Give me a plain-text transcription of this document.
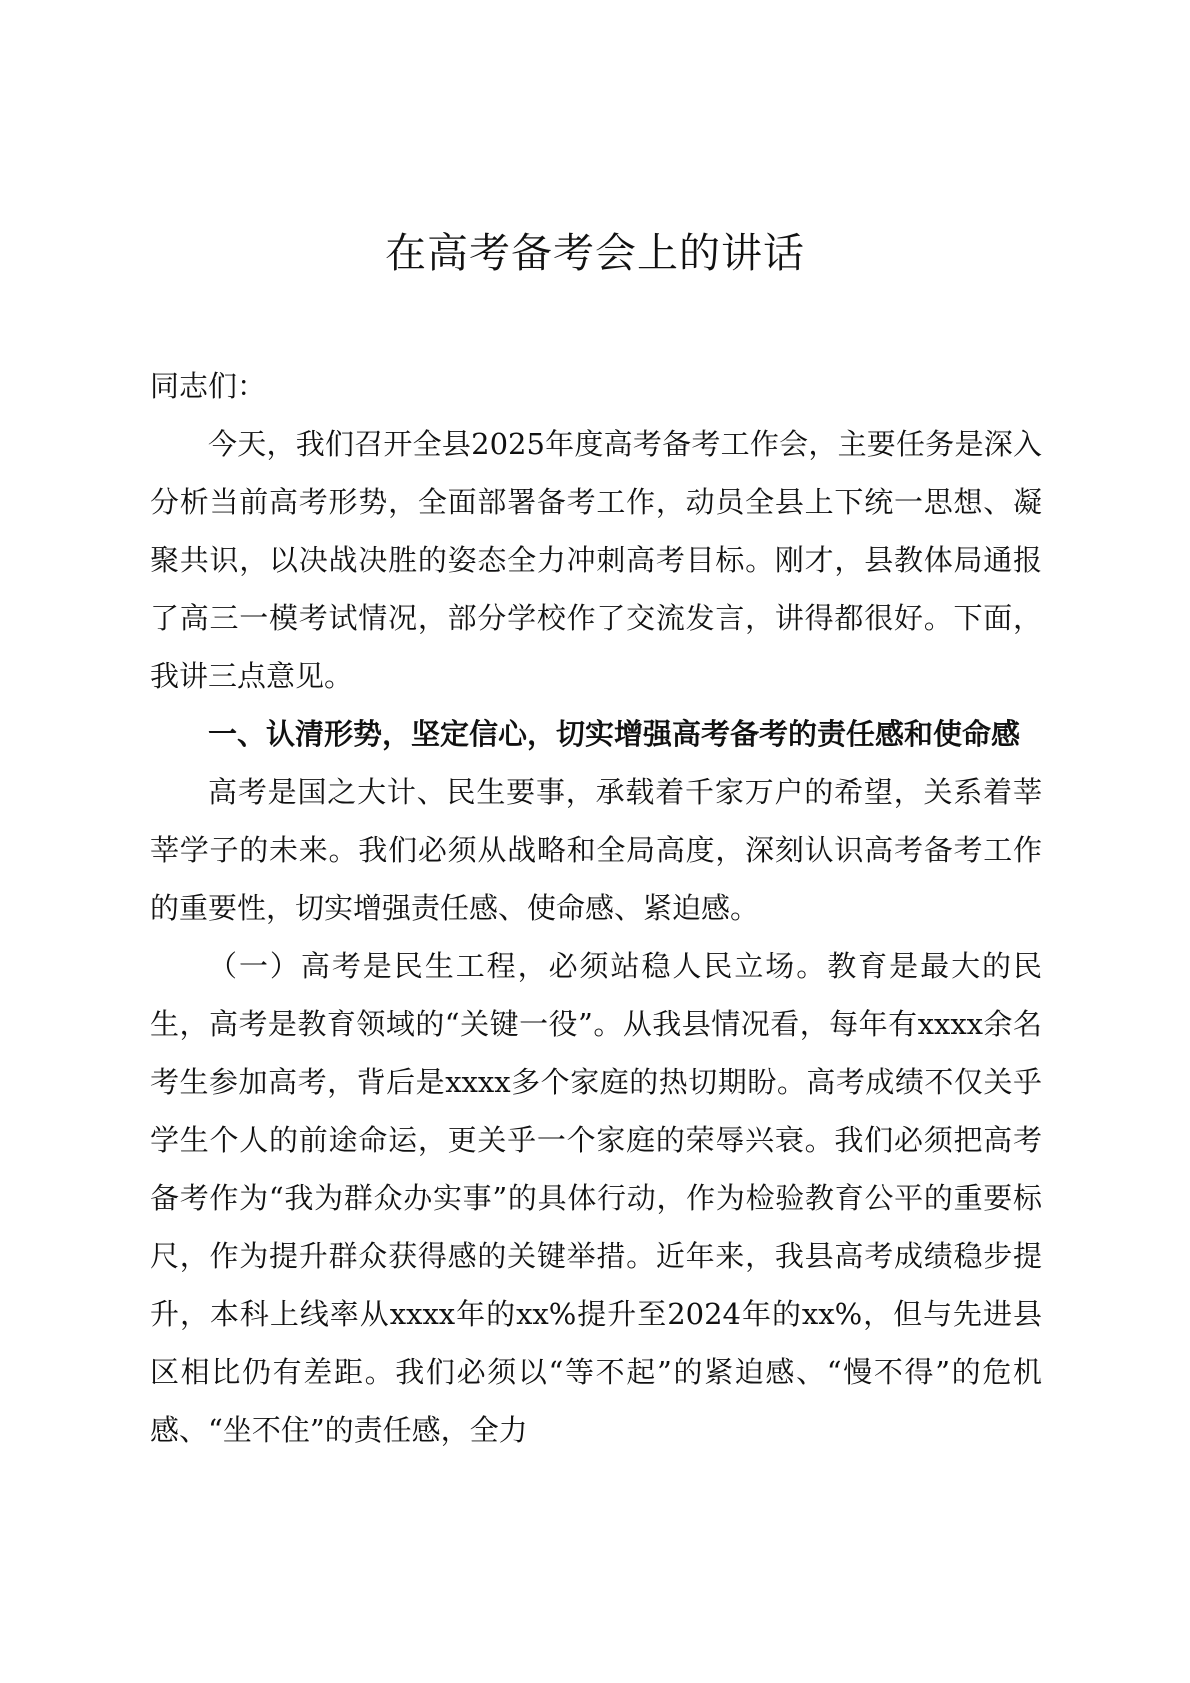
在高考备考会上的讲话

同志们：

今天，我们召开全县2025年度高考备考工作会，主要任务是深入分析当前高考形势，全面部署备考工作，动员全县上下统一思想、凝聚共识，以决战决胜的姿态全力冲刺高考目标。刚才，县教体局通报了高三一模考试情况，部分学校作了交流发言，讲得都很好。下面，我讲三点意见。

一、认清形势，坚定信心，切实增强高考备考的责任感和使命感

高考是国之大计、民生要事，承载着千家万户的希望，关系着莘莘学子的未来。我们必须从战略和全局高度，深刻认识高考备考工作的重要性，切实增强责任感、使命感、紧迫感。

（一）高考是民生工程，必须站稳人民立场。教育是最大的民生，高考是教育领域的“关键一役”。从我县情况看，每年有xxxx余名考生参加高考，背后是xxxx多个家庭的热切期盼。高考成绩不仅关乎学生个人的前途命运，更关乎一个家庭的荣辱兴衰。我们必须把高考备考作为“我为群众办实事”的具体行动，作为检验教育公平的重要标尺，作为提升群众获得感的关键举措。近年来，我县高考成绩稳步提升，本科上线率从xxxx年的xx%提升至2024年的xx%，但与先进县区相比仍有差距。我们必须以“等不起”的紧迫感、“慢不得”的危机感、“坐不住”的责任感，全力
